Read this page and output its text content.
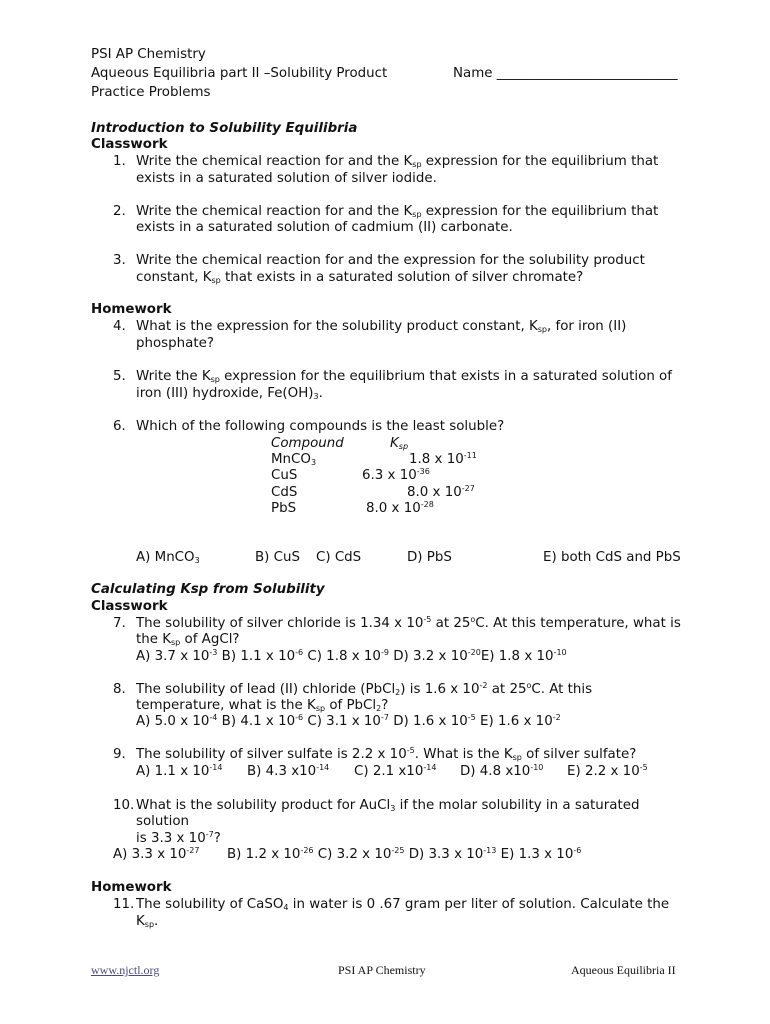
PSI AP Chemistry
Aqueous Equilibria part II –Solubility Product	Name ___________________________
Practice Problems
Introduction to Solubility Equilibria
Classwork
1. Write the chemical reaction for and the $K_{sp}$ expression for the equilibrium that
exists in a saturated solution of silver iodide.
2. Write the chemical reaction for and the $K_{sp}$ expression for the equilibrium that
exists in a saturated solution of cadmium (II) carbonate.
3. Write the chemical reaction for and the expression for the solubility product
constant, $K_{sp}$ that exists in a saturated solution of silver chromate?
Homework
4. What is the expression for the solubility product constant, $K_{sp}$, for iron (II)
phosphate?
5. Write the $K_{sp}$ expression for the equilibrium that exists in a saturated solution of
iron (III) hydroxide, $Fe(OH)_3$.
6. Which of the following compounds is the least soluble?
Compound	$K_{sp}$
MnCO$_3$	1.8 x $10^{-11}$
CuS	6.3 x $10^{-36}$
CdS	8.0 x $10^{-27}$
PbS	8.0 x $10^{-28}$
A) MnCO$_3$	B) CuS C) CdS	D) PbS	E) both CdS and PbS
Calculating Ksp from Solubility
Classwork
7. The solubility of silver chloride is 1.34 x $10^{-5}$ at 25$^o$C. At this temperature, what is
the $K_{sp}$ of AgCl?
A) 3.7 x $10^{-3}$ B) 1.1 x $10^{-6}$ C) 1.8 x $10^{-9}$ D) 3.2 x $10^{-20}E$) 1.8 x $10^{-10}$
8. The solubility of lead (II) chloride (PbCl$_2$) is 1.6 x $10^{-2}$ at 25$^o$C. At this
temperature, what is the $K_{sp}$ of PbCl$_2$?
A) 5.0 x $10^{-4}$ B) 4.1 x $10^{-6}$ C) 3.1 x $10^{-7}$ D) 1.6 x $10^{-5}$ E) 1.6 x $10^{-2}$
9. The solubility of silver sulfate is 2.2 x $10^{-5}$. What is the $K_{sp}$ of silver sulfate?
A) 1.1 x $10^{-14}$ B) 4.3 $x10^{-14}$ C) 2.1 $x10^{-14}$ D) 4.8 $x10^{-10}$ E) 2.2 x $10^{-5}$
10. What is the solubility product for AuCl$_3$ if the molar solubility in a saturated
solution
is 3.3 x $10^{-7}$?
A) 3.3 x $10^{-27}$ B) 1.2 x $10^{-26}$ C) 3.2 x $10^{-25}$ D) 3.3 x $10^{-13}$ E) 1.3 x $10^{-6}$
Homework
11. The solubility of CaSO$_4$ in water is 0 .67 gram per liter of solution. Calculate the
$K_{sp}$.
www.njctl.org	PSI AP Chemistry	Aqueous Equilibria II
